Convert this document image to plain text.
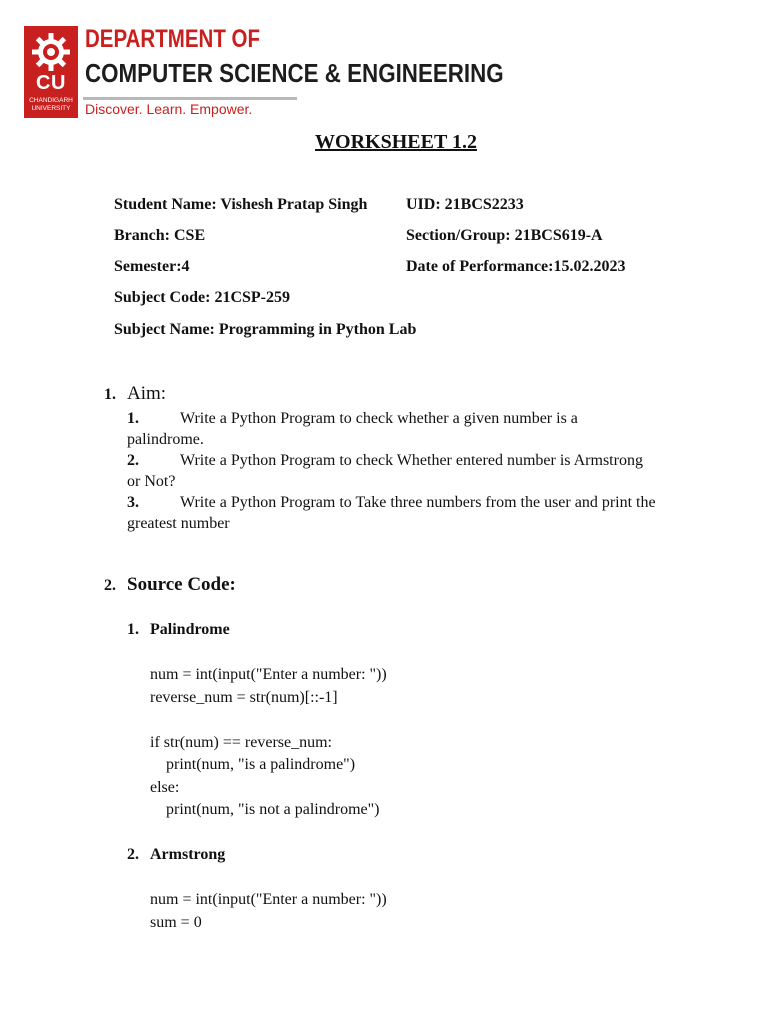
CU
CHANDIGARH UNIVERSITY
DEPARTMENT OF
COMPUTER SCIENCE & ENGINEERING
Discover. Learn. Empower.
WORKSHEET 1.2
Student Name: Vishesh Pratap Singh UID: 21BCS2233
Branch: CSE	Section/Group: 21BCS619-A
Semester:4	Date of Performance:15.02.2023
Subject Code: 21CSP-259
Subject Name: Programming in Python Lab
1. Aim:
1.	Write a Python Program to check whether a given number is a palindrome.
2.	Write a Python Program to check Whether entered number is Armstrong or Not?
3.	Write a Python Program to Take three numbers from the user and print the greatest number
2. Source Code:
1. Palindrome
num = int(input("Enter a number: "))
reverse_num = str(num)[::-1]
if str(num) == reverse_num:
print(num, "is a palindrome")
else:
print(num, "is not a palindrome")
2. Armstrong
num = int(input("Enter a number: "))
sum = 0
